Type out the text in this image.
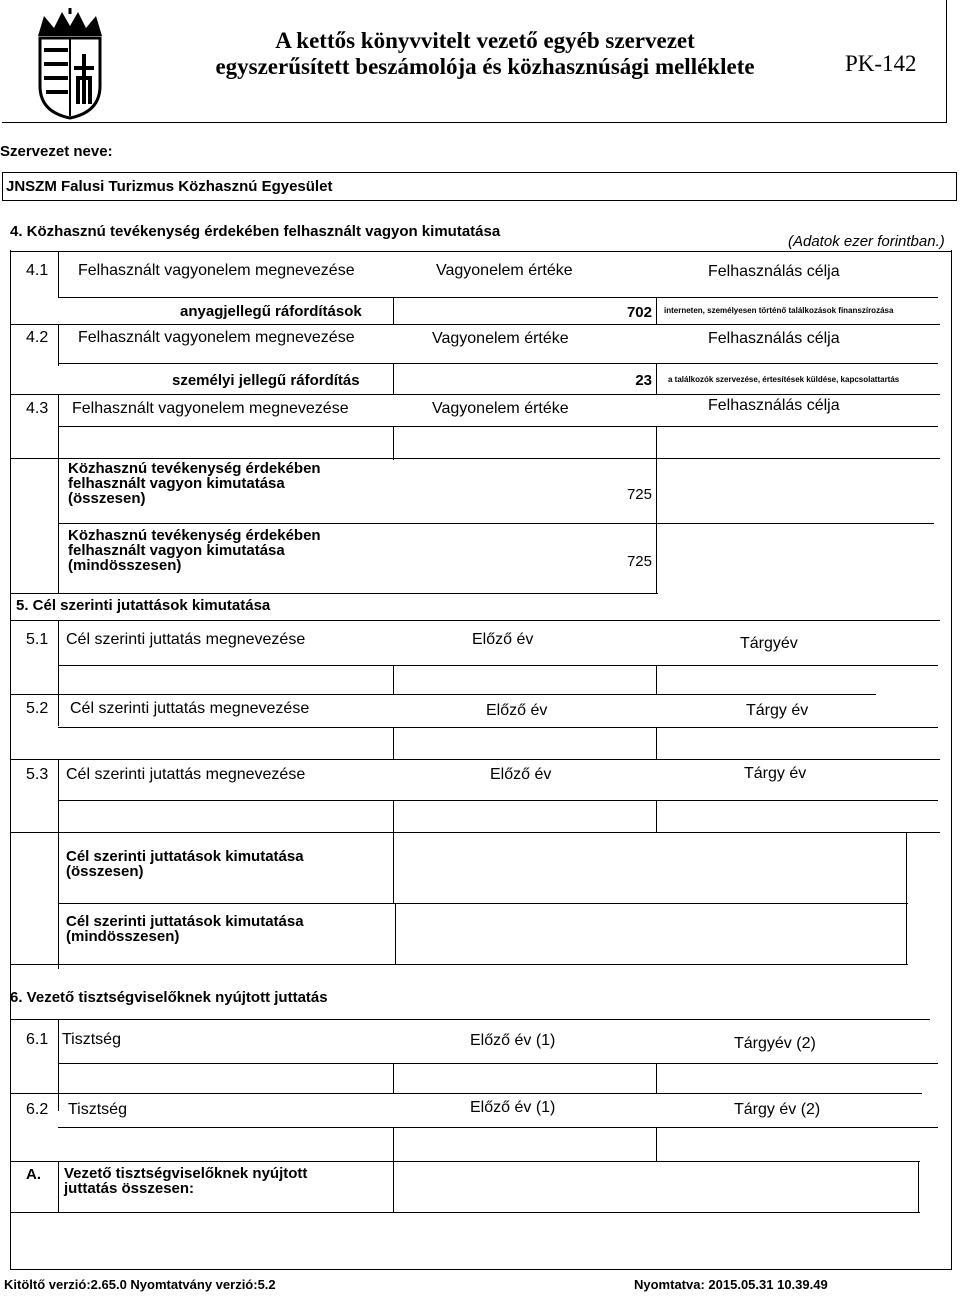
A kettős könyvvitelt vezető egyéb szervezet
egyszerűsített beszámolója és közhasznúsági melléklete	PK-142
Szervezet neve:
JNSZM Falusi Turizmus Közhasznú Egyesület
4. Közhasznú tevékenység érdekében felhasznált vagyon kimutatása
(Adatok ezer forintban.)
4.1 Felhasznált vagyonelem megnevezése	Vagyonelem értéke	Felhasználás célja
anyagjellegű ráfordítások	702 interneten, személyesen történő találkozások finanszírozása
4.2 Felhasznált vagyonelem megnevezése	Vagyonelem értéke	Felhasználás célja
személyi jellegű ráfordítás	23 a találkozók szervezése, értesítések küldése, kapcsolattartás
4.3 Felhasznált vagyonelem megnevezése	Vagyonelem értéke	Felhasználás célja
Közhasznú tevékenység érdekében
felhasznált vagyon kimutatása
(összesen)	725
Közhasznú tevékenység érdekében
felhasznált vagyon kimutatása
(mindösszesen)	725
5. Cél szerinti jutattások kimutatása
5.1 Cél szerinti juttatás megnevezése	Előző év	Tárgyév
5.2 Cél szerinti juttatás megnevezése	Előző év	Tárgy év
5.3 Cél szerinti jutattás megnevezése	Előző év	Tárgy év
Cél szerinti juttatások kimutatása
(összesen)
Cél szerinti juttatások kimutatása
(mindösszesen)
6. Vezető tisztségviselőknek nyújtott juttatás
6.1 Tisztség	Előző év (1)	Tárgyév (2)
6.2 Tisztség	Előző év (1)	Tárgy év (2)
A. Vezető tisztségviselőknek nyújtott
juttatás összesen:
Kitöltő verzió:2.65.0 Nyomtatvány verzió:5.2	Nyomtatva: 2015.05.31 10.39.49
